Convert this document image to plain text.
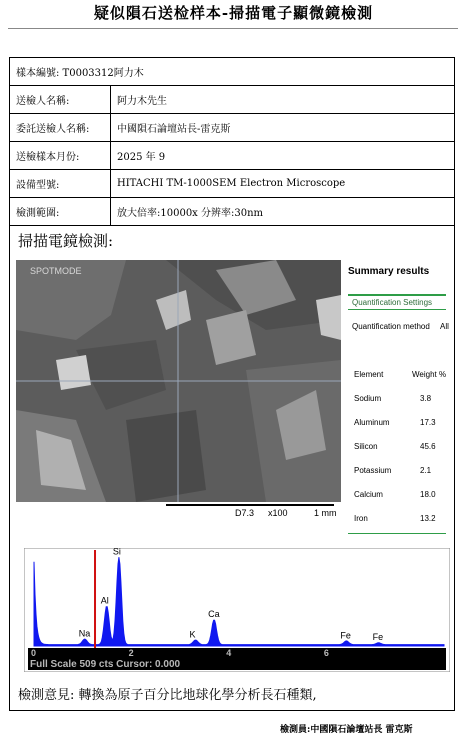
疑似隕石送检样本-掃描電子顯微鏡檢測
樣本編號: T0003312阿力木	
送檢人名稱:	阿力木先生
委託送檢人名稱:	中國隕石論壇站長-雷克斯
送檢樣本月份:	2025 年 9
設備型號:	HITACHI TM-1000SEM Electron Microscope
檢測範圍:	放大倍率:10000x 分辨率:30nm
掃描電鏡檢測:
SPOTMODE
D7.3 x100	1 mm
Summary results
Quantification Settings
Quantification method All
Element	Weight %
Sodium	3.8
Aluminum	17.3
Silicon	45.6
Potassium	2.1
Calcium	18.0
Iron	13.2
Na
Al
Si
K
Ca
Fe Fe
0	2	4	6
Full Scale 509 cts Cursor: 0.000
檢測意見: 轉換為原子百分比地球化學分析長石種類,
檢測員:中國隕石論壇站長 雷克斯
